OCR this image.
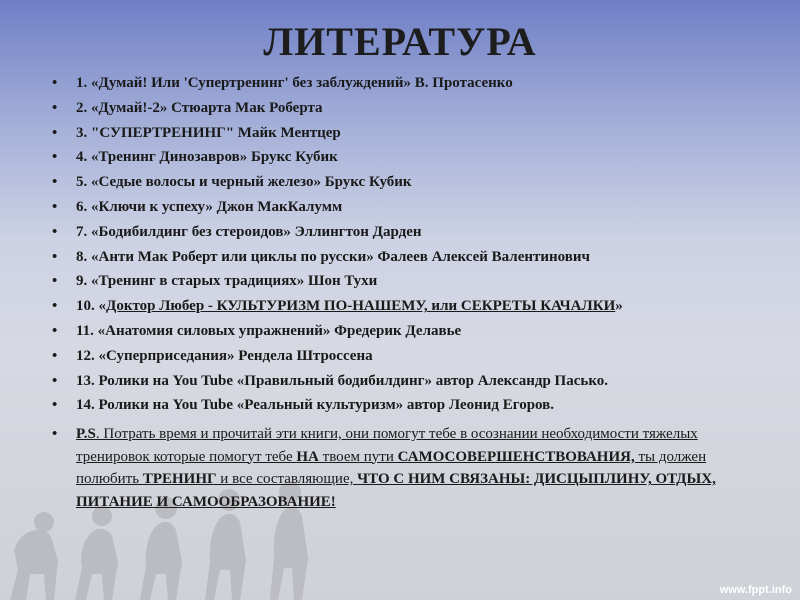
ЛИТЕРАТУРА
• 1. «Думай! Или 'Супертренинг' без заблуждений» В. Протасенко
• 2. «Думай!-2» Стюарта Мак Роберта
• 3. "СУПЕРТРЕНИНГ" Майк Ментцер
• 4. «Тренинг Динозавров» Брукс Кубик
• 5. «Седые волосы и черный железо» Брукс Кубик
• 6. «Ключи к успеху» Джон МакКалумм
• 7. «Бодибилдинг без стероидов» Эллингтон Дарден
• 8. «Анти Мак Роберт или циклы по русски» Фалеев Алексей Валентинович
• 9. «Тренинг в старых традициях» Шон Тухи
• 10. «Доктор Любер - КУЛЬТУРИЗМ ПО-НАШЕМУ, или СЕКРЕТЫ КАЧАЛКИ»
• 11. «Анатомия силовых упражнений» Фредерик Делавье
• 12. «Суперприседания» Рендела Штроссена
• 13. Ролики на You Tube «Правильный бодибилдинг» автор Александр Пасько.
• 14. Ролики на You Tube «Реальный культуризм» автор Леонид Егоров.
• P.S. Потрать время и прочитай эти книги, они помогут тебе в осознании необходимости тяжелых тренировок которые помогут тебе НА твоем пути САМОСОВЕРШЕНСТВОВАНИЯ, ты должен полюбить ТРЕНИНГ и все составляющие, ЧТО С НИМ СВЯЗАНЫ: ДИСЦЫПЛИНУ, ОТДЫХ, ПИТАНИЕ И САМООБРАЗОВАНИЕ!
www.fppt.info
